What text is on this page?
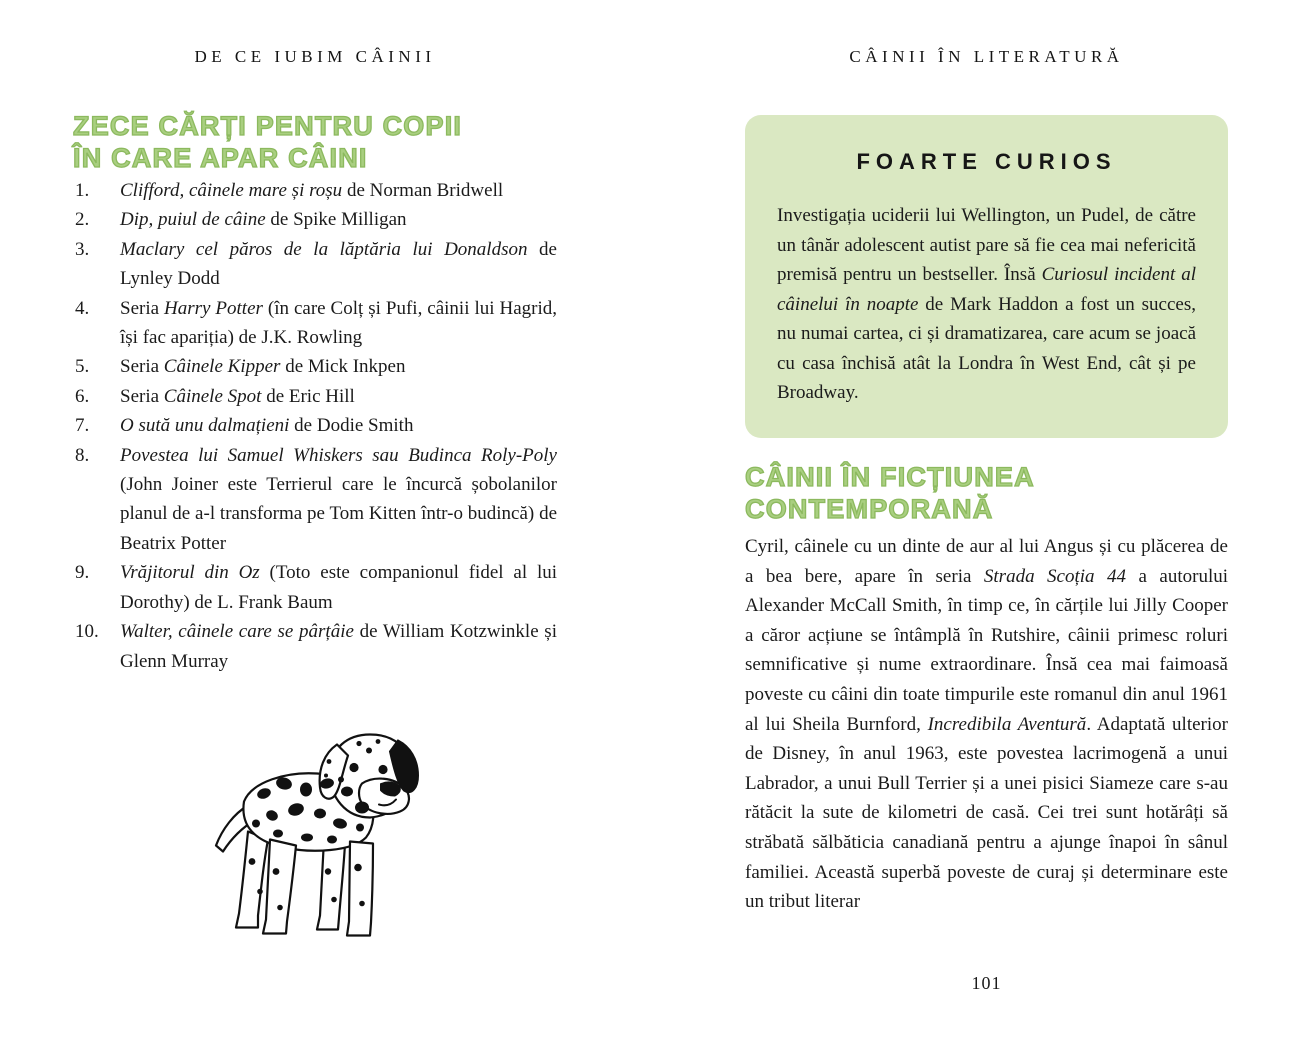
DE CE IUBIM CÂINII
ZECE CĂRȚI PENTRU COPII
ÎN CARE APAR CÂINI
1.	Clifford, câinele mare și roșu de Norman Bridwell
2.	Dip, puiul de câine de Spike Milligan
3.	Maclary cel păros de la lăptăria lui Donaldson de Lynley Dodd
4.	Seria Harry Potter (în care Colț și Pufi, câinii lui Hagrid, își fac apariția) de J.K. Rowling
5.	Seria Câinele Kipper de Mick Inkpen
6.	Seria Câinele Spot de Eric Hill
7.	O sută unu dalmațieni de Dodie Smith
8.	Povestea lui Samuel Whiskers sau Budinca Roly-Poly (John Joiner este Terrierul care le încurcă șobolanilor planul de a-l transforma pe Tom Kitten într-o budincă) de Beatrix Potter
9.	Vrăjitorul din Oz (Toto este companionul fidel al lui Dorothy) de L. Frank Baum
10.	Walter, câinele care se pârțâie de William Kotzwinkle și Glenn Murray
CÂINII ÎN LITERATURĂ
FOARTE CURIOS

Investigația uciderii lui Wellington, un Pudel, de către un tânăr adolescent autist pare să fie cea mai nefericită premisă pentru un bestseller. Însă Curiosul incident al câinelui în noapte de Mark Haddon a fost un succes, nu numai cartea, ci și dramatizarea, care acum se joacă cu casa închisă atât la Londra în West End, cât și pe Broadway.

CÂINII ÎN FICȚIUNEA
CONTEMPORANĂ

Cyril, câinele cu un dinte de aur al lui Angus și cu plăcerea de a bea bere, apare în seria Strada Scoția 44 a autorului Alexander McCall Smith, în timp ce, în cărțile lui Jilly Cooper a căror acțiune se întâmplă în Rutshire, câinii primesc roluri semnificative și nume extraordinare. Însă cea mai faimoasă poveste cu câini din toate timpurile este romanul din anul 1961 al lui Sheila Burnford, Incredibila Aventură. Adaptată ulterior de Disney, în anul 1963, este povestea lacrimogenă a unui Labrador, a unui Bull Terrier și a unei pisici Siameze care s-au rătăcit la sute de kilometri de casă. Cei trei sunt hotărâți să străbată sălbăticia canadiană pentru a ajunge înapoi în sânul familiei. Această superbă poveste de curaj și determinare este un tribut literar

101
